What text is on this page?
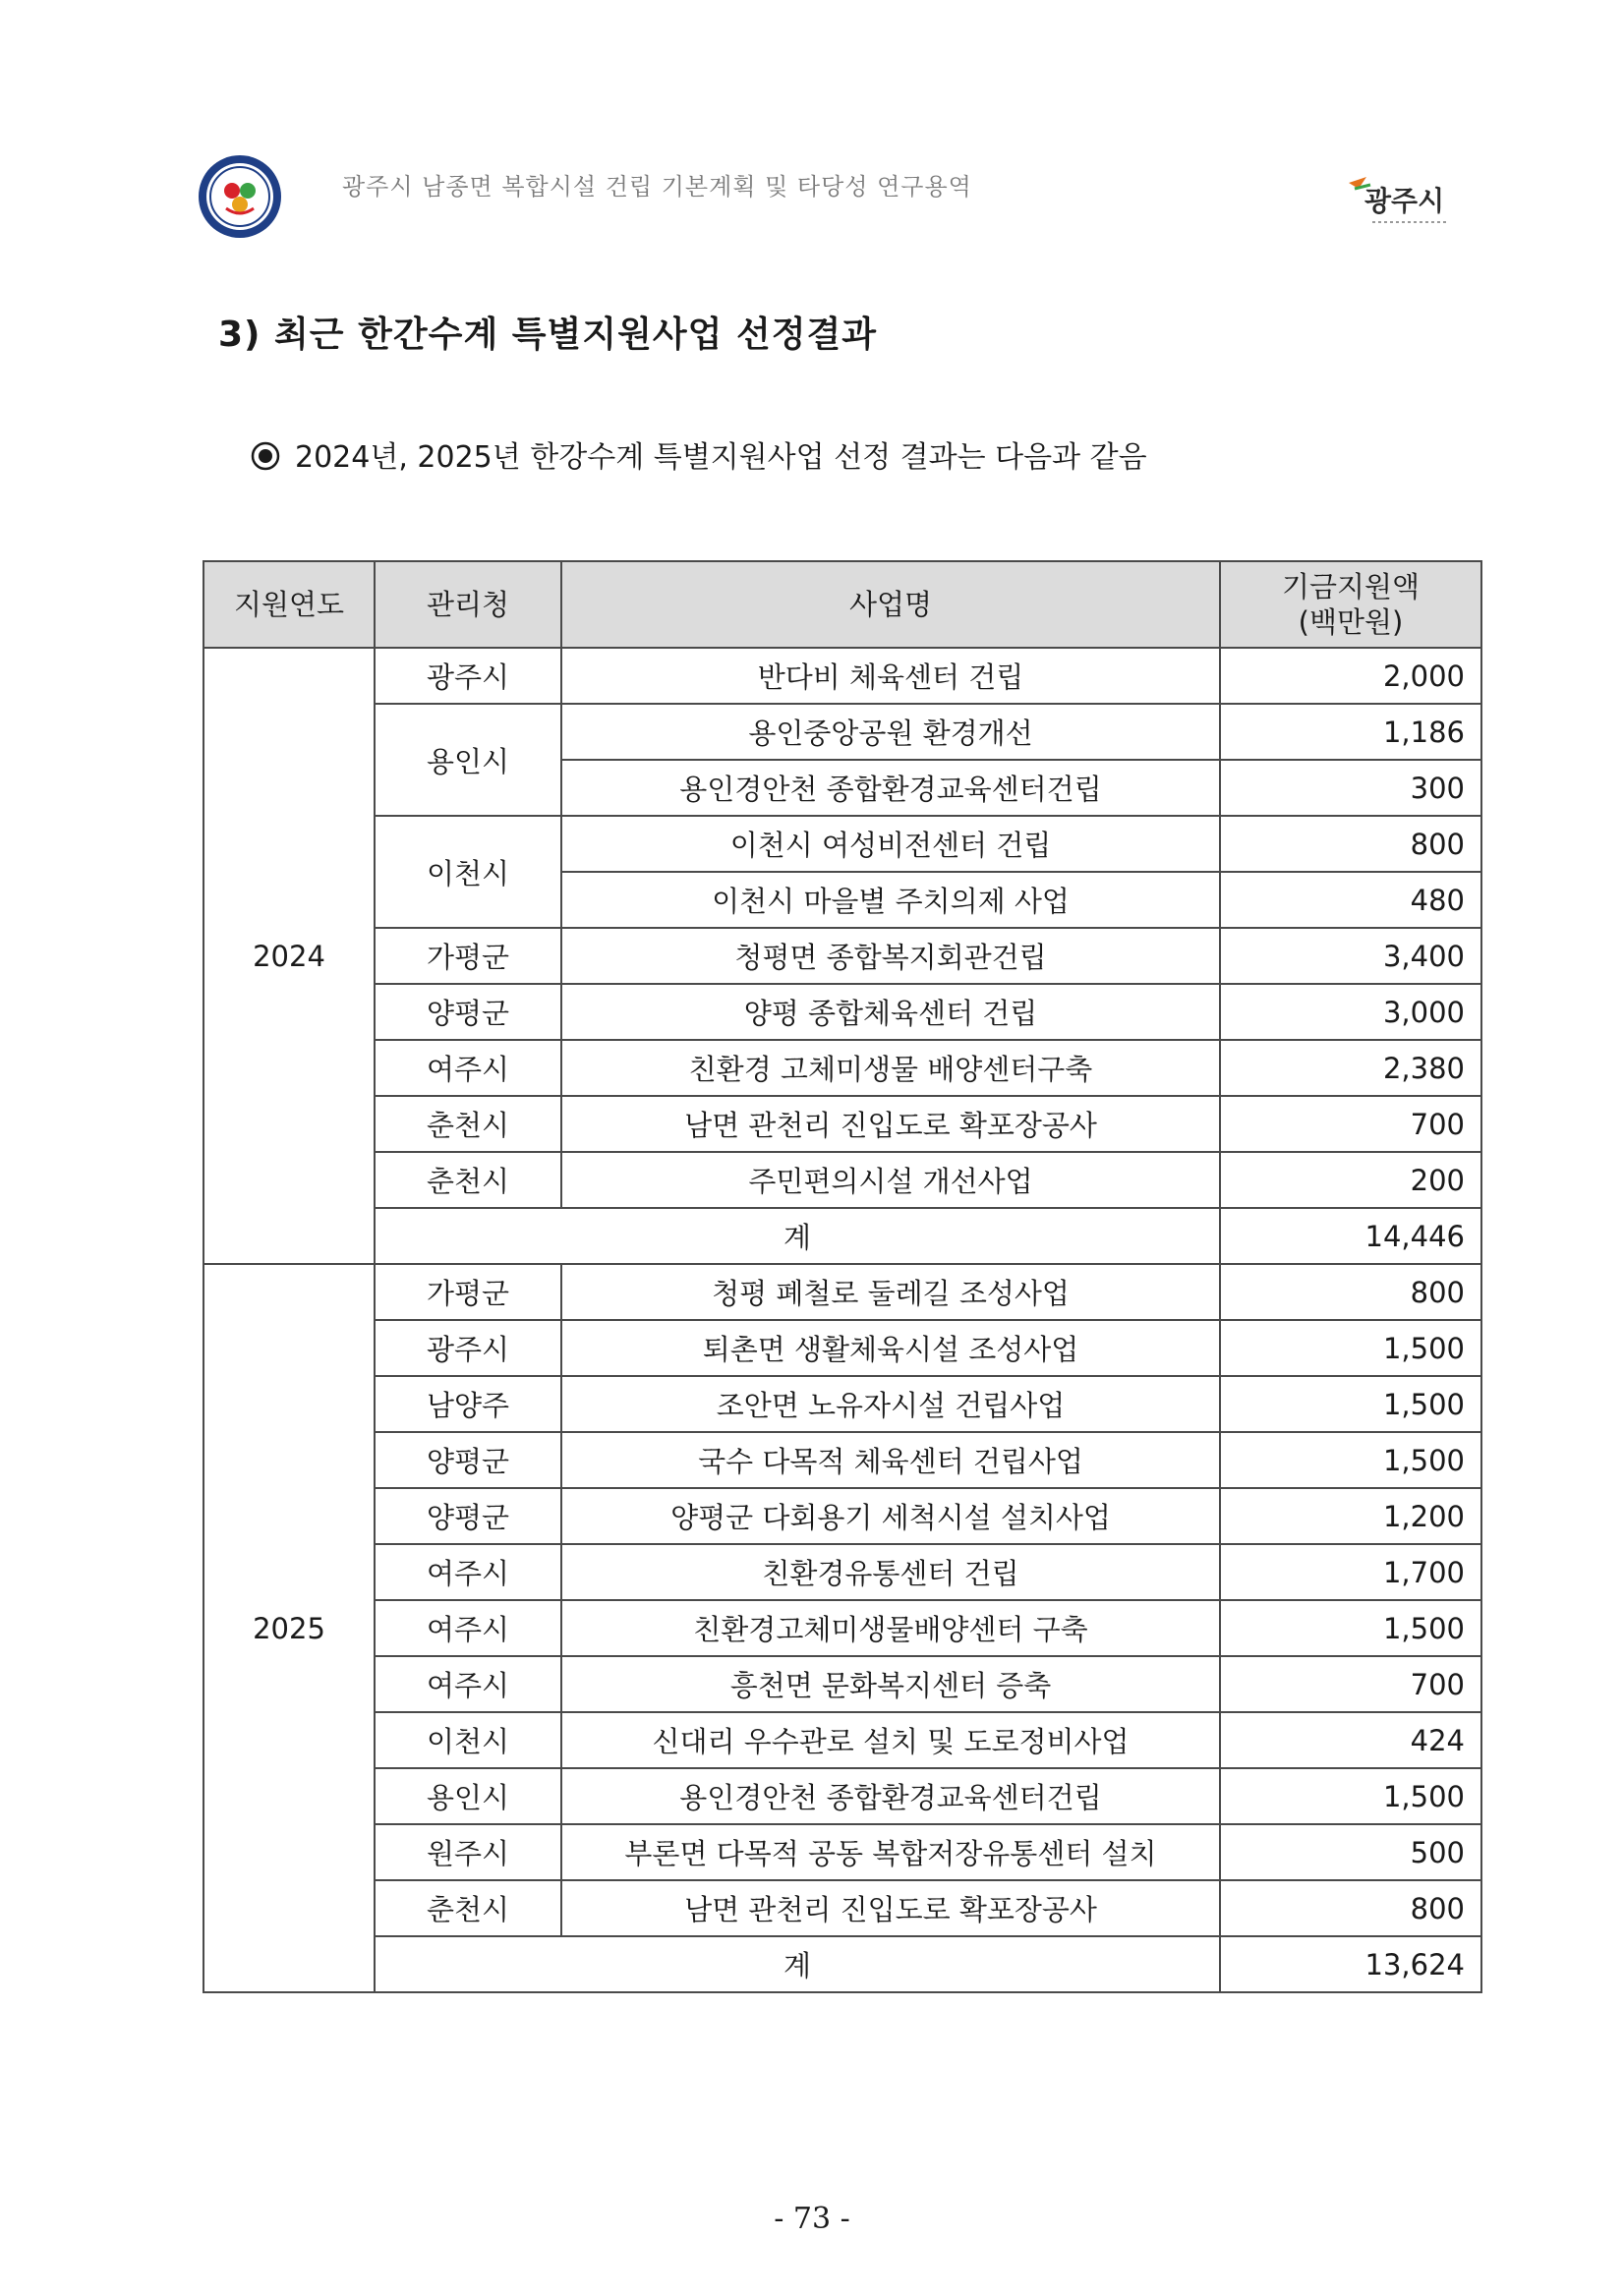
광주시 남종면 복합시설 건립 기본계획 및 타당성 연구용역	광주시
3) 최근 한간수계 특별지원사업 선정결과
2024년, 2025년 한강수계 특별지원사업 선정 결과는 다음과 같음
지원연도	관리청	사업명	기금지원액
(백만원)

2024	광주시	반다비 체육센터 건립	2,000
	용인시	용인중앙공원 환경개선	1,186
		용인경안천 종합환경교육센터건립	300
	이천시	이천시 여성비전센터 건립	800
		이천시 마을별 주치의제 사업	480
	가평군	청평면 종합복지회관건립	3,400
	양평군	양평 종합체육센터 건립	3,000
	여주시	친환경 고체미생물 배양센터구축	2,380
	춘천시	남면 관천리 진입도로 확포장공사	700
	춘천시	주민편의시설 개선사업	200
	계		14,446
2025	가평군	청평 폐철로 둘레길 조성사업	800
	광주시	퇴촌면 생활체육시설 조성사업	1,500
	남양주	조안면 노유자시설 건립사업	1,500
	양평군	국수 다목적 체육센터 건립사업	1,500
	양평군	양평군 다회용기 세척시설 설치사업	1,200
	여주시	친환경유통센터 건립	1,700
	여주시	친환경고체미생물배양센터 구축	1,500
	여주시	흥천면 문화복지센터 증축	700
	이천시	신대리 우수관로 설치 및 도로정비사업	424
	용인시	용인경안천 종합환경교육센터건립	1,500
	원주시	부론면 다목적 공동 복합저장유통센터 설치	500
	춘천시	남면 관천리 진입도로 확포장공사	800
	계		13,624
- 73 -
